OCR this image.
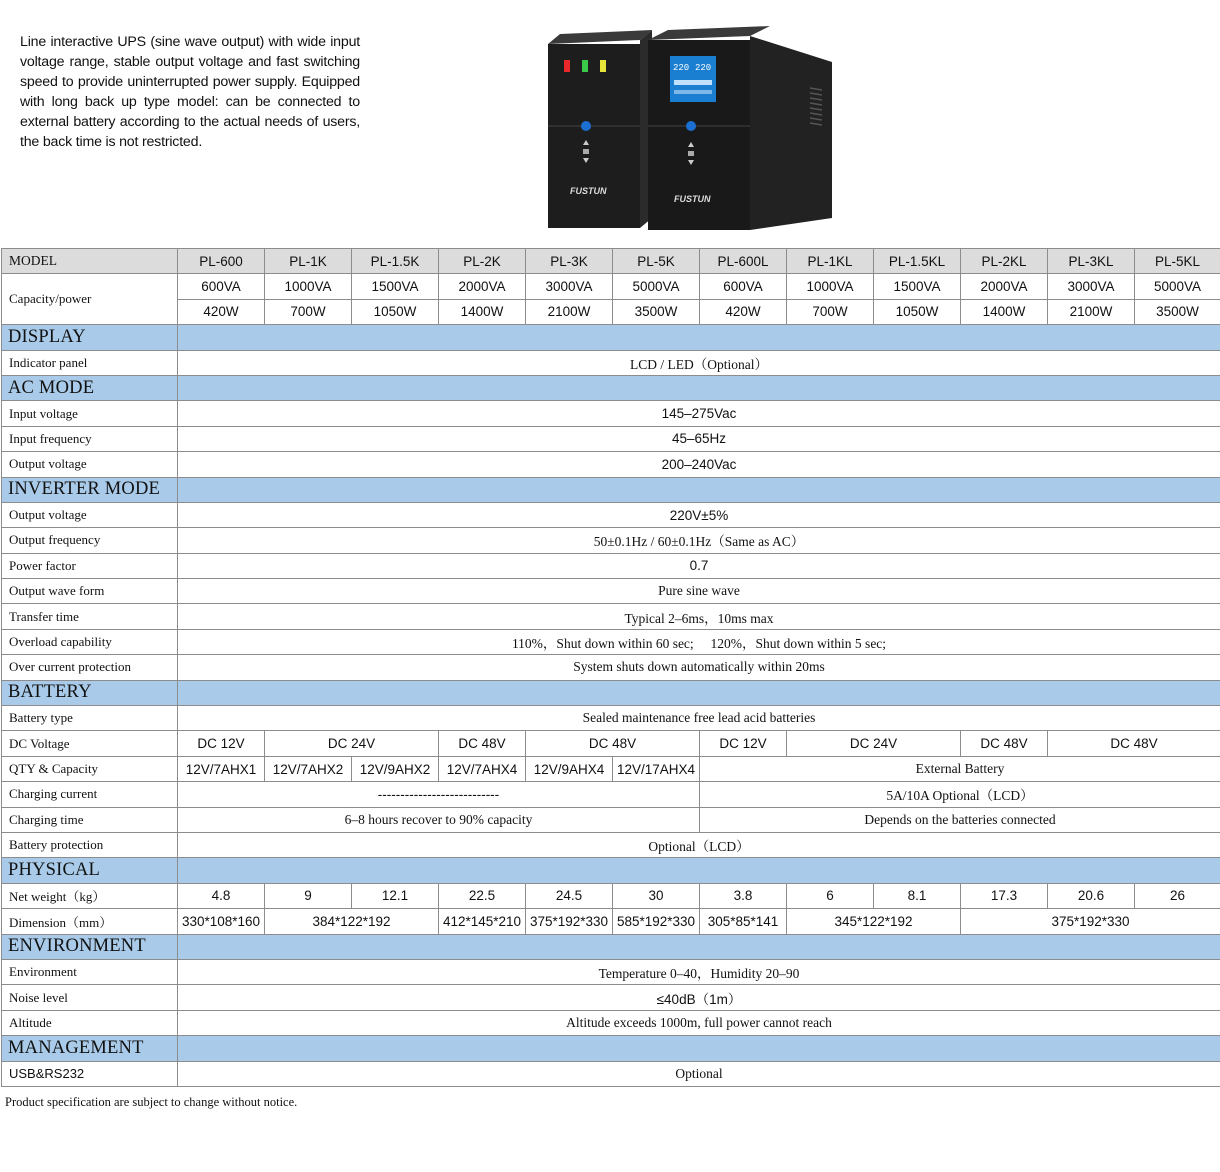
Line interactive UPS (sine wave output) with wide input voltage range, stable output voltage and fast switching speed to provide uninterrupted power supply. Equipped with long back up type model: can be connected to external battery according to the actual needs of users, the back time is not restricted.
FUSTUN
220 220
FUSTUN
MODEL	PL-600	PL-1K	PL-1.5K	PL-2K	PL-3K	PL-5K	PL-600L	PL-1KL	PL-1.5KL	PL-2KL	PL-3KL	PL-5KL
Capacity/power	600VA	1000VA	1500VA	2000VA	3000VA	5000VA	600VA	1000VA	1500VA	2000VA	3000VA	5000VA
	420W	700W	1050W	1400W	2100W	3500W	420W	700W	1050W	1400W	2100W	3500W
DISPLAY												
Indicator panel	LCD / LED（Optional）											
AC MODE												
Input voltage	145–275Vac											
Input frequency	45–65Hz											
Output voltage	200–240Vac											
INVERTER MODE												
Output voltage	220V±5%											
Output frequency	50±0.1Hz / 60±0.1Hz（Same as AC）											
Power factor	0.7											
Output wave form	Pure sine wave											
Transfer time	Typical 2–6ms，10ms max											
Overload capability	110%，Shut down within 60 sec;     120%，Shut down within 5 sec;											
Over current protection	System shuts down automatically within 20ms											
BATTERY												
Battery type	Sealed maintenance free lead acid batteries											
DC Voltage	DC 12V	DC 24V		DC 48V	DC 48V		DC 12V	DC 24V		DC 48V	DC 48V	
QTY & Capacity	12V/7AHX1	12V/7AHX2	12V/9AHX2	12V/7AHX4	12V/9AHX4	12V/17AHX4	External Battery					
Charging current	---------------------------						5A/10A Optional（LCD）					
Charging time	6–8 hours recover to 90% capacity						Depends on the batteries connected					
Battery protection	Optional（LCD）											
PHYSICAL												
Net weight（kg）	4.8	9	12.1	22.5	24.5	30	3.8	6	8.1	17.3	20.6	26
Dimension（mm）	330*108*160	384*122*192		412*145*210	375*192*330	585*192*330	305*85*141	345*122*192		375*192*330		
ENVIRONMENT												
Environment	Temperature 0–40，Humidity 20–90											
Noise level	≤40dB（1m）											
Altitude	Altitude exceeds 1000m, full power cannot reach											
MANAGEMENT												
USB&RS232	Optional											
Product specification are subject to change without notice.
